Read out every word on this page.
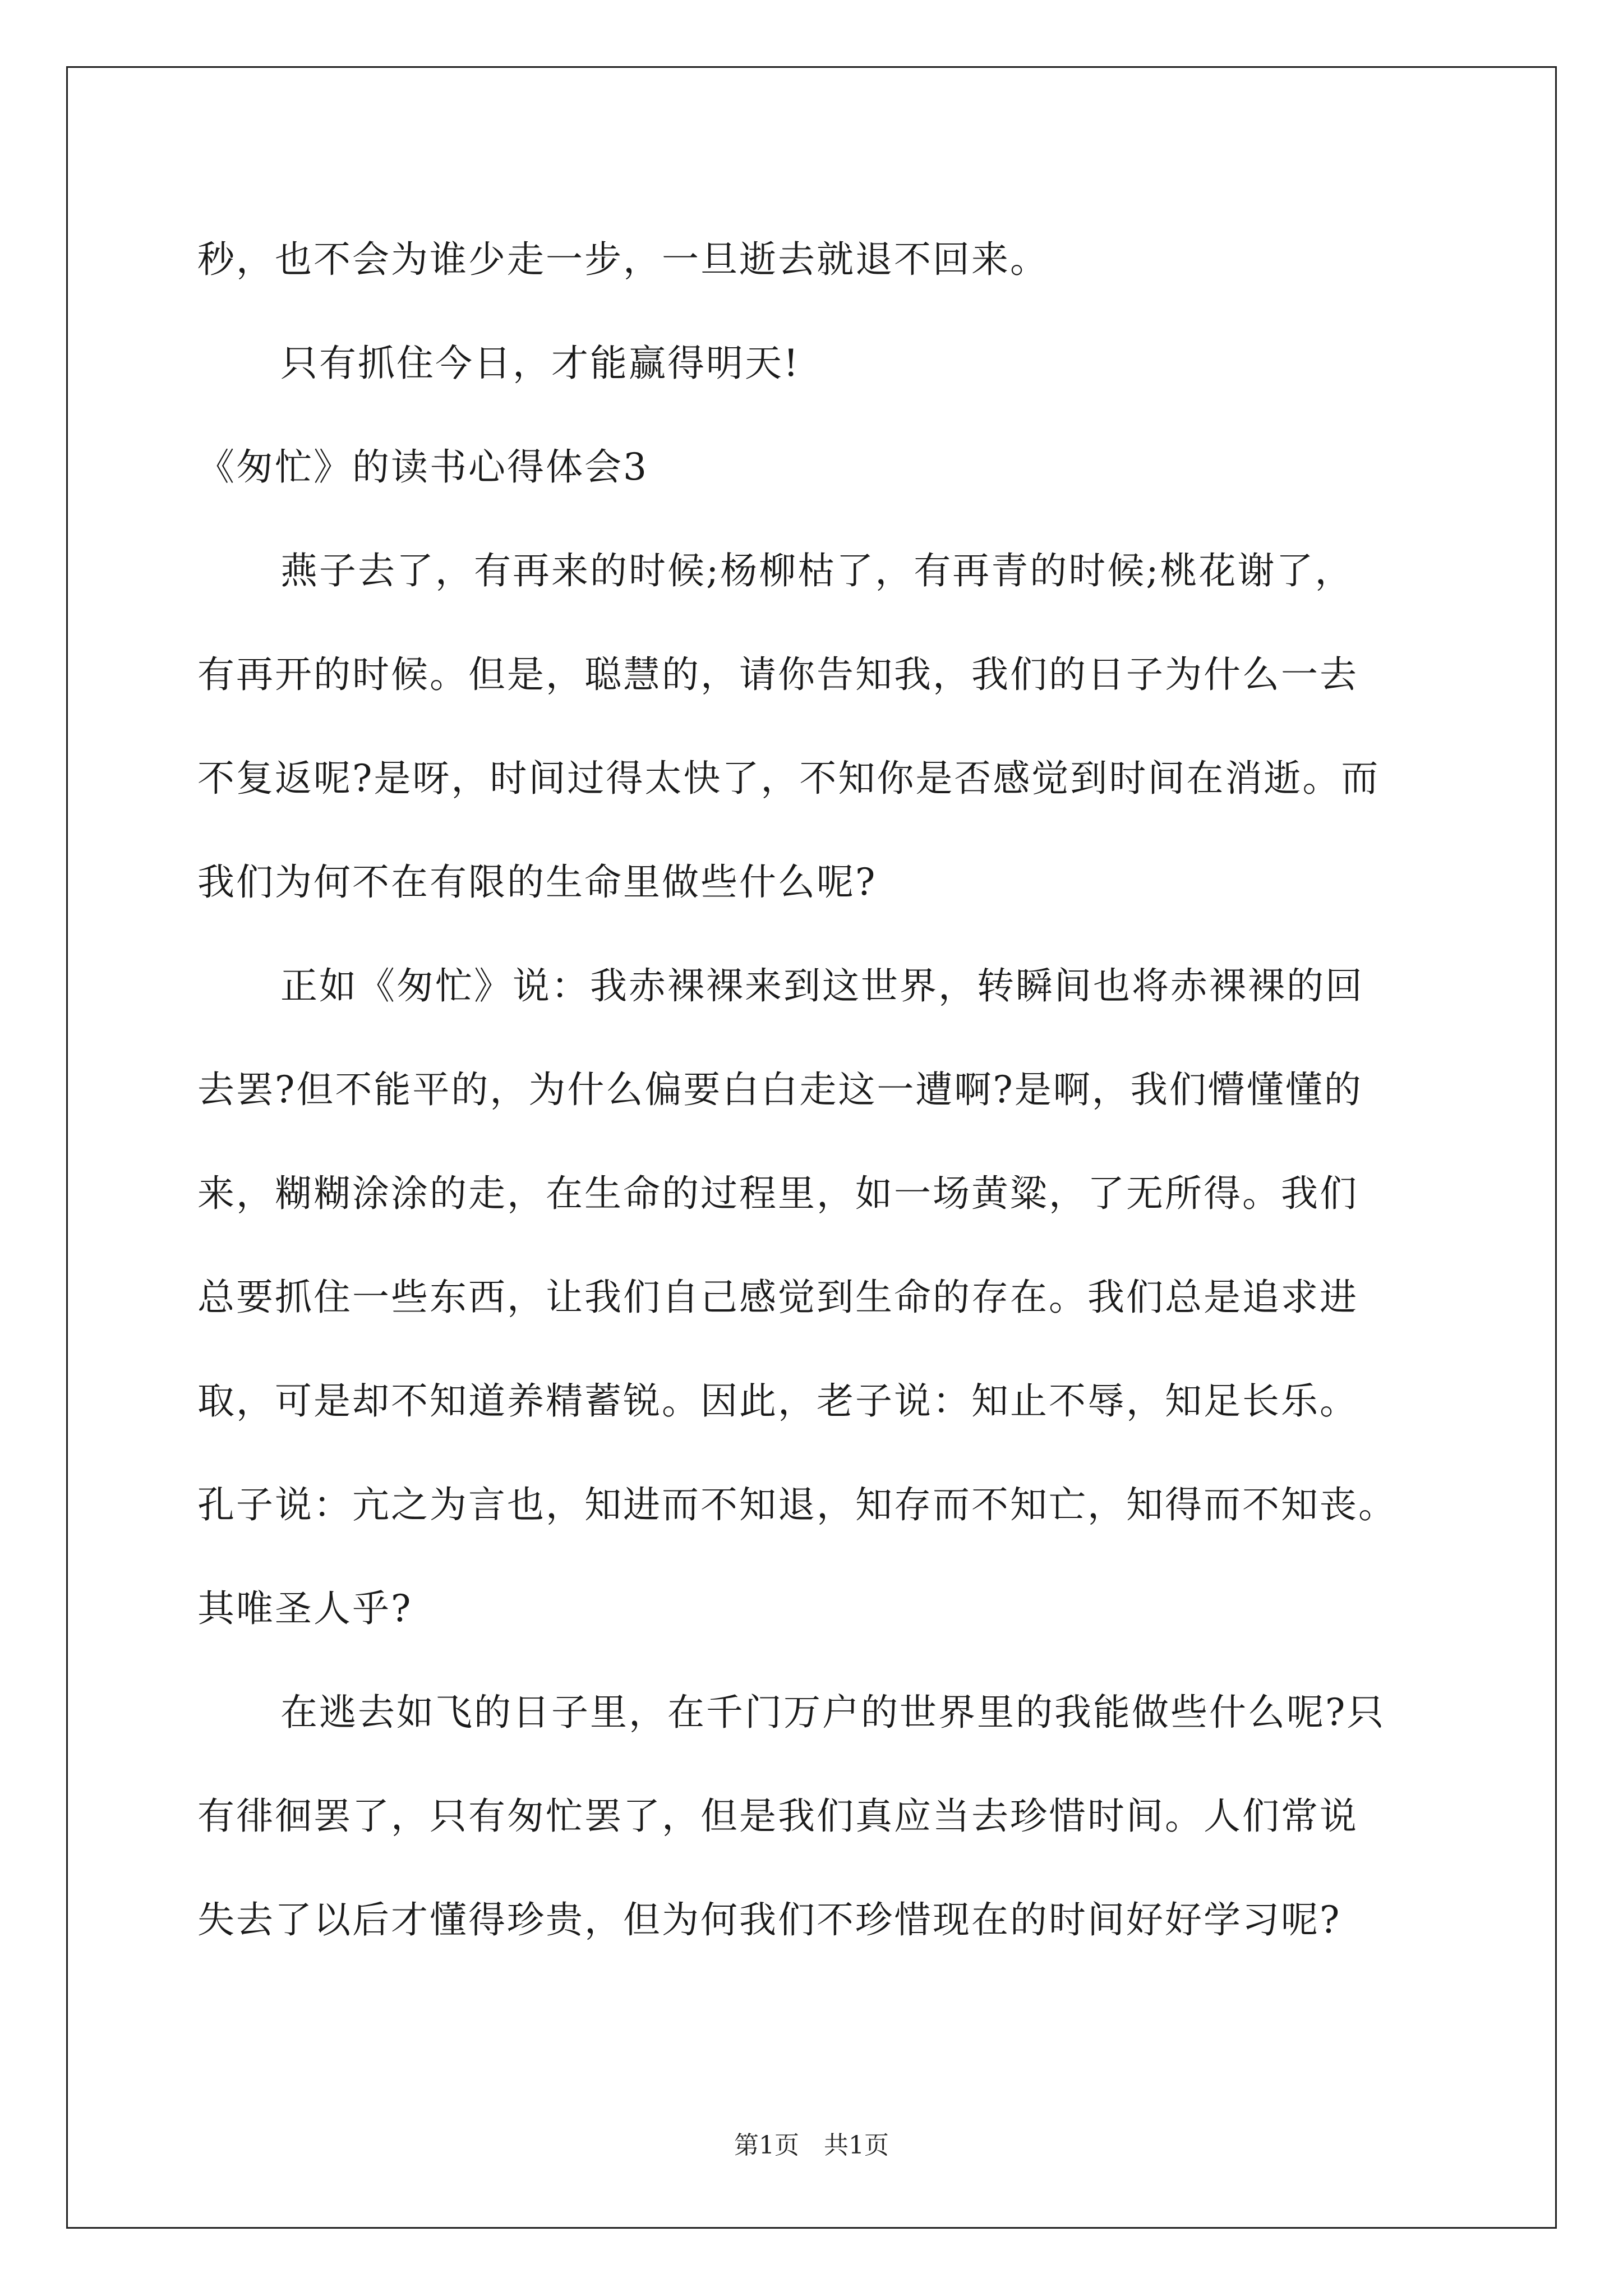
秒，也不会为谁少走一步，一旦逝去就退不回来。
只有抓住今日，才能赢得明天!
《匆忙》的读书心得体会3
燕子去了，有再来的时候;杨柳枯了，有再青的时候;桃花谢了，
有再开的时候。但是，聪慧的，请你告知我，我们的日子为什么一去
不复返呢?是呀，时间过得太快了，不知你是否感觉到时间在消逝。而
我们为何不在有限的生命里做些什么呢?
正如《匆忙》说：我赤裸裸来到这世界，转瞬间也将赤裸裸的回
去罢?但不能平的，为什么偏要白白走这一遭啊?是啊，我们懵懂懂的
来，糊糊涂涂的走，在生命的过程里，如一场黄粱，了无所得。我们
总要抓住一些东西，让我们自己感觉到生命的存在。我们总是追求进
取，可是却不知道养精蓄锐。因此，老子说：知止不辱，知足长乐。
孔子说：亢之为言也，知进而不知退，知存而不知亡，知得而不知丧。
其唯圣人乎?
在逃去如飞的日子里，在千门万户的世界里的我能做些什么呢?只
有徘徊罢了，只有匆忙罢了，但是我们真应当去珍惜时间。人们常说
失去了以后才懂得珍贵，但为何我们不珍惜现在的时间好好学习呢?
第1页　共1页
